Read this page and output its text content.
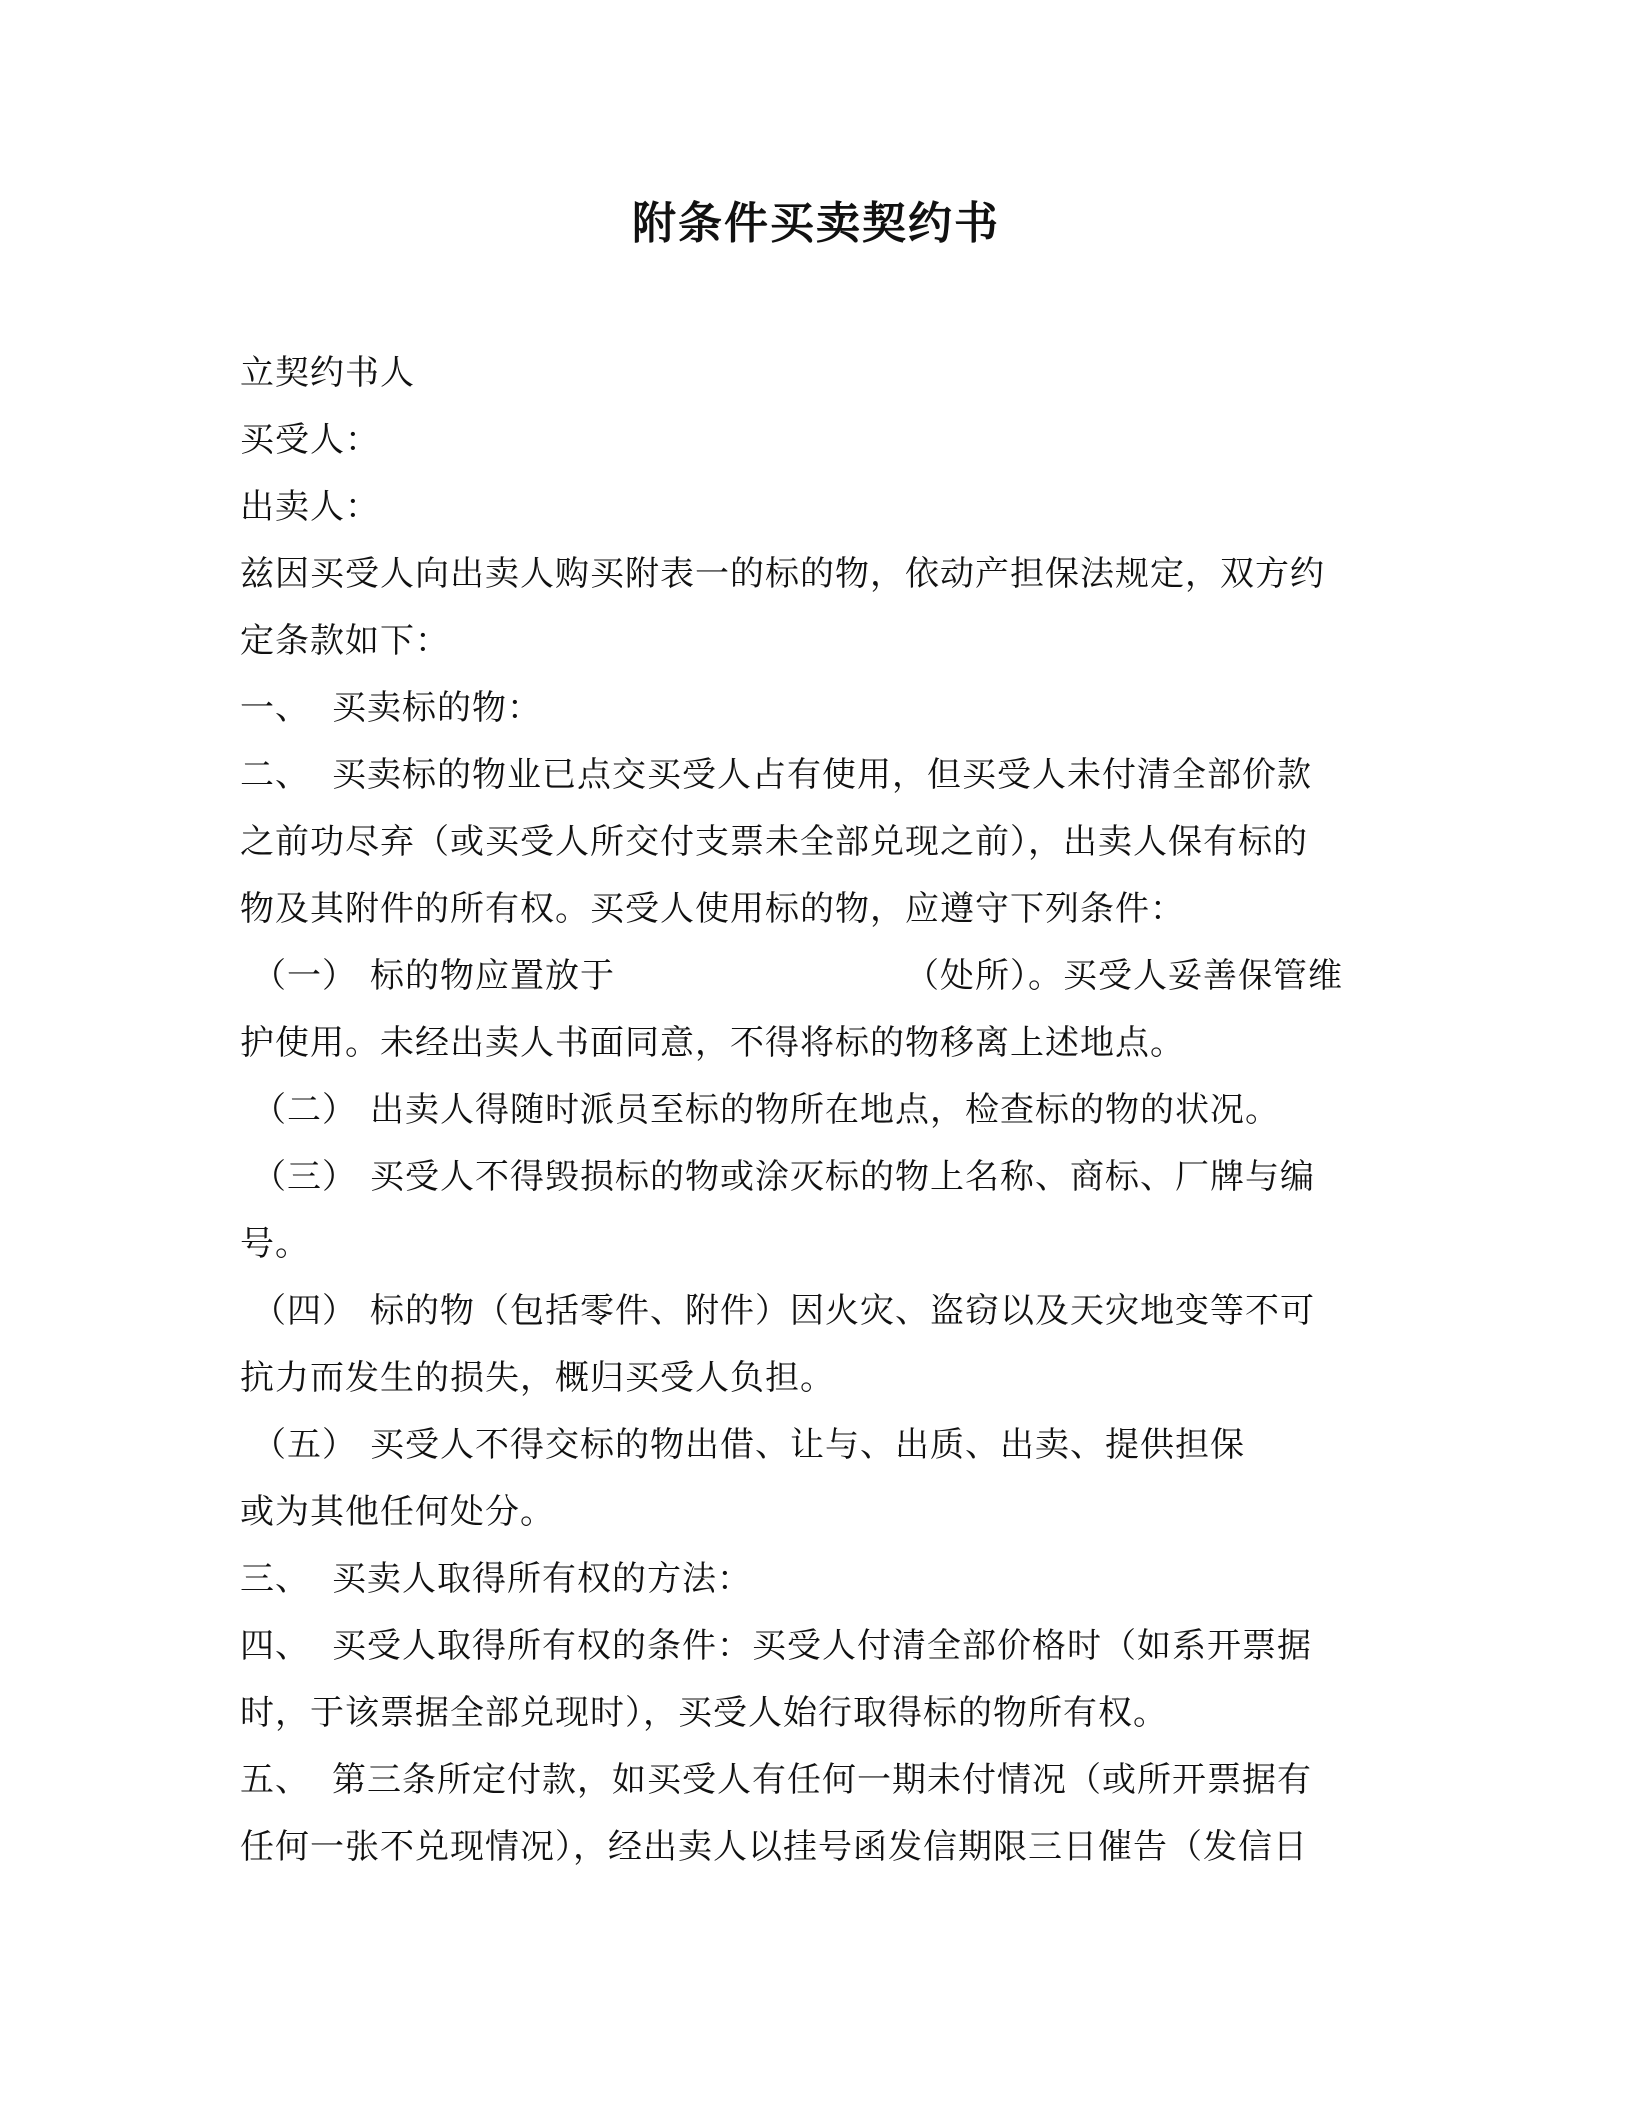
附条件买卖契约书
立契约书人
买受人：
出卖人：
兹因买受人向出卖人购买附表一的标的物，依动产担保法规定，双方约
定条款如下：
一、 买卖标的物：
二、 买卖标的物业已点交买受人占有使用，但买受人未付清全部价款
之前功尽弃（或买受人所交付支票未全部兑现之前），出卖人保有标的
物及其附件的所有权。买受人使用标的物，应遵守下列条件：
（一） 标的物应置放于	（处所）。买受人妥善保管维
护使用。未经出卖人书面同意，不得将标的物移离上述地点。
（二） 出卖人得随时派员至标的物所在地点，检查标的物的状况。
（三） 买受人不得毁损标的物或涂灭标的物上名称、商标、厂牌与编
号。
（四） 标的物（包括零件、附件）因火灾、盗窃以及天灾地变等不可
抗力而发生的损失，概归买受人负担。
（五） 买受人不得交标的物出借、让与、出质、出卖、提供担保
或为其他任何处分。
三、 买卖人取得所有权的方法：
四、 买受人取得所有权的条件：买受人付清全部价格时（如系开票据
时，于该票据全部兑现时），买受人始行取得标的物所有权。
五、 第三条所定付款，如买受人有任何一期未付情况（或所开票据有
任何一张不兑现情况），经出卖人以挂号函发信期限三日催告（发信日
